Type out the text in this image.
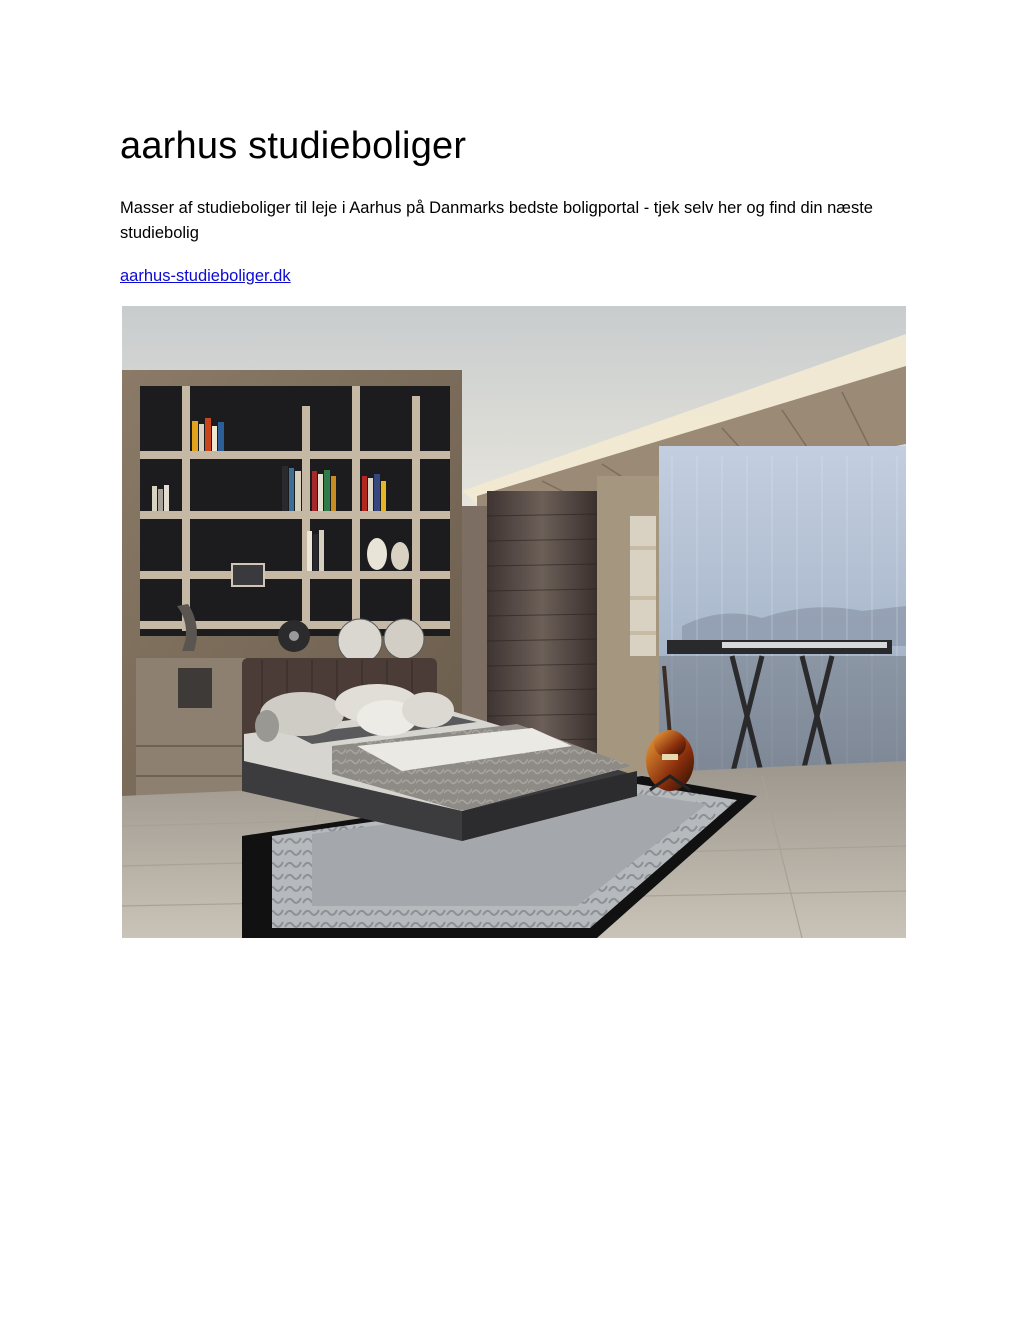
aarhus studieboliger

Masser af studieboliger til leje i Aarhus på Danmarks bedste boligportal - tjek selv her og find din næste studiebolig

aarhus-studieboliger.dk
